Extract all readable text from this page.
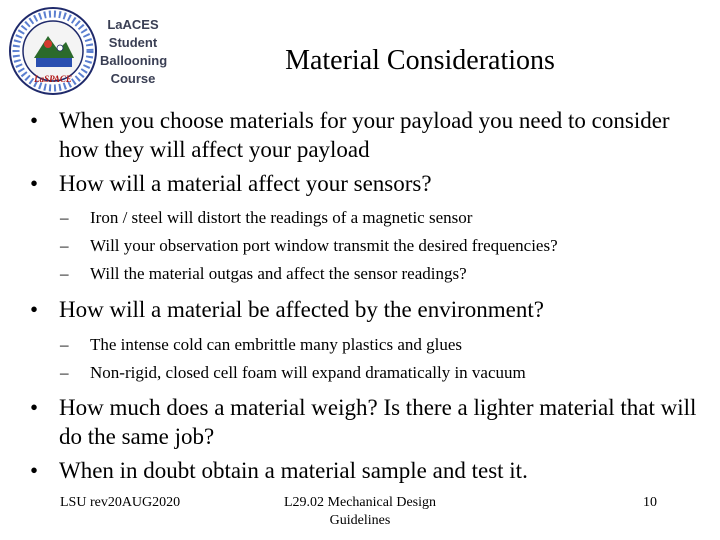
LaSPACE
LaACES
Student
Ballooning
Course
Material Considerations
• When you choose materials for your payload you need to consider how they will affect your payload
• How will a material affect your sensors?
– Iron / steel will distort the readings of a magnetic sensor
– Will your observation port window transmit the desired frequencies?
– Will the material outgas and affect the sensor readings?
• How will a material be affected by the environment?
– The intense cold can embrittle many plastics and glues
– Non-rigid, closed cell foam will expand dramatically in vacuum
• How much does a material weigh? Is there a lighter material that will do the same job?
• When in doubt obtain a material sample and test it.
LSU rev20AUG2020	L29.02 Mechanical Design Guidelines
10
